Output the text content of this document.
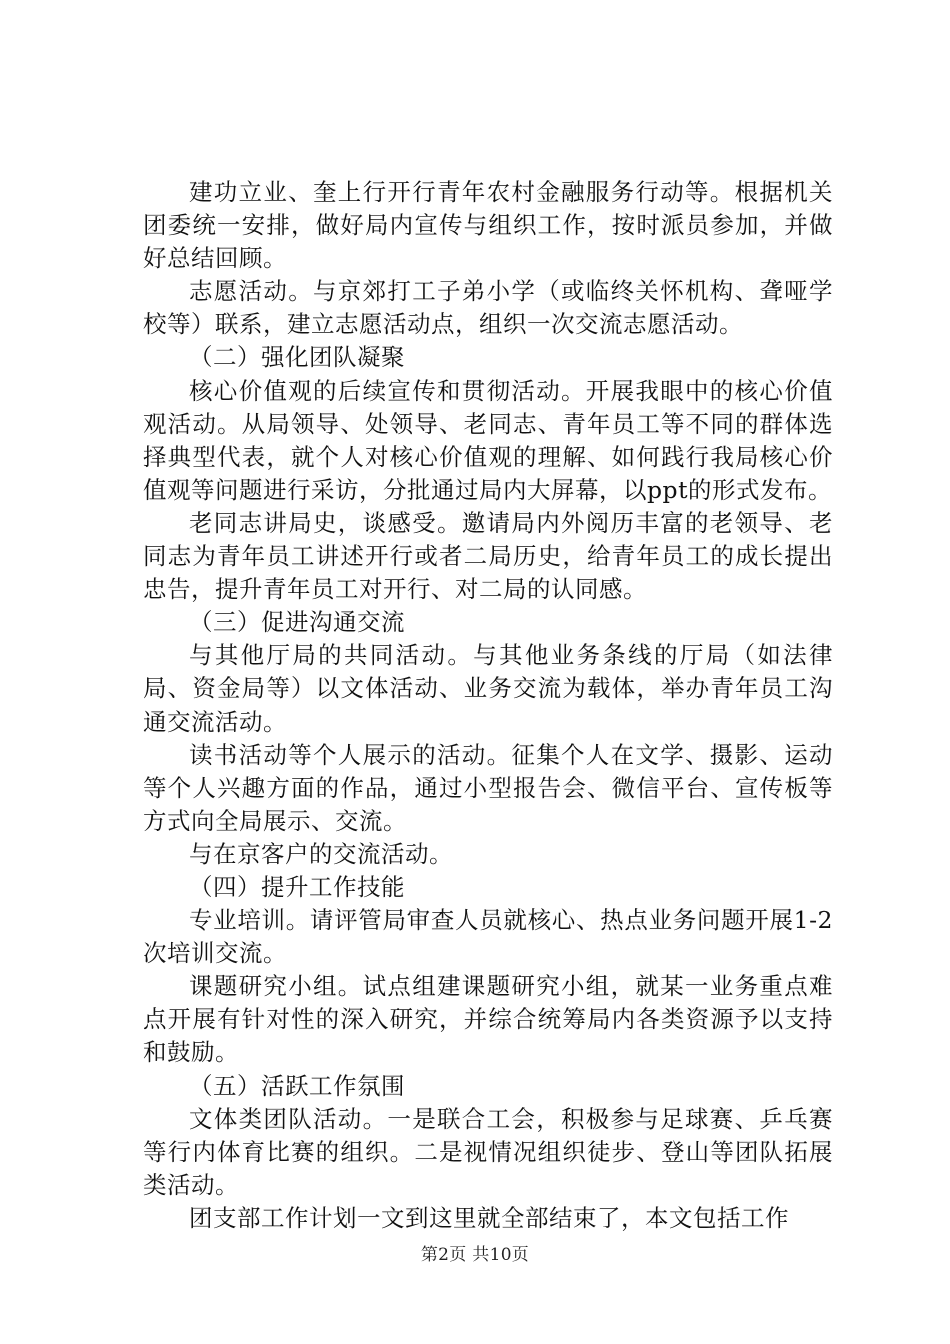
建功立业、奎上行开行青年农村金融服务行动等。根据机关团委统一安排，做好局内宣传与组织工作，按时派员参加，并做好总结回顾。

志愿活动。与京郊打工子弟小学（或临终关怀机构、聋哑学校等）联系，建立志愿活动点，组织一次交流志愿活动。

（二）强化团队凝聚

核心价值观的后续宣传和贯彻活动。开展我眼中的核心价值观活动。从局领导、处领导、老同志、青年员工等不同的群体选择典型代表，就个人对核心价值观的理解、如何践行我局核心价值观等问题进行采访，分批通过局内大屏幕，以ppt的形式发布。

老同志讲局史，谈感受。邀请局内外阅历丰富的老领导、老同志为青年员工讲述开行或者二局历史，给青年员工的成长提出忠告，提升青年员工对开行、对二局的认同感。

（三）促进沟通交流

与其他厅局的共同活动。与其他业务条线的厅局（如法律局、资金局等）以文体活动、业务交流为载体，举办青年员工沟通交流活动。

读书活动等个人展示的活动。征集个人在文学、摄影、运动等个人兴趣方面的作品，通过小型报告会、微信平台、宣传板等方式向全局展示、交流。

与在京客户的交流活动。

（四）提升工作技能

专业培训。请评管局审查人员就核心、热点业务问题开展1-2次培训交流。

课题研究小组。试点组建课题研究小组，就某一业务重点难点开展有针对性的深入研究，并综合统筹局内各类资源予以支持和鼓励。

（五）活跃工作氛围

文体类团队活动。一是联合工会，积极参与足球赛、乒乓赛等行内体育比赛的组织。二是视情况组织徒步、登山等团队拓展类活动。

团支部工作计划一文到这里就全部结束了，本文包括工作

第2页 共10页
